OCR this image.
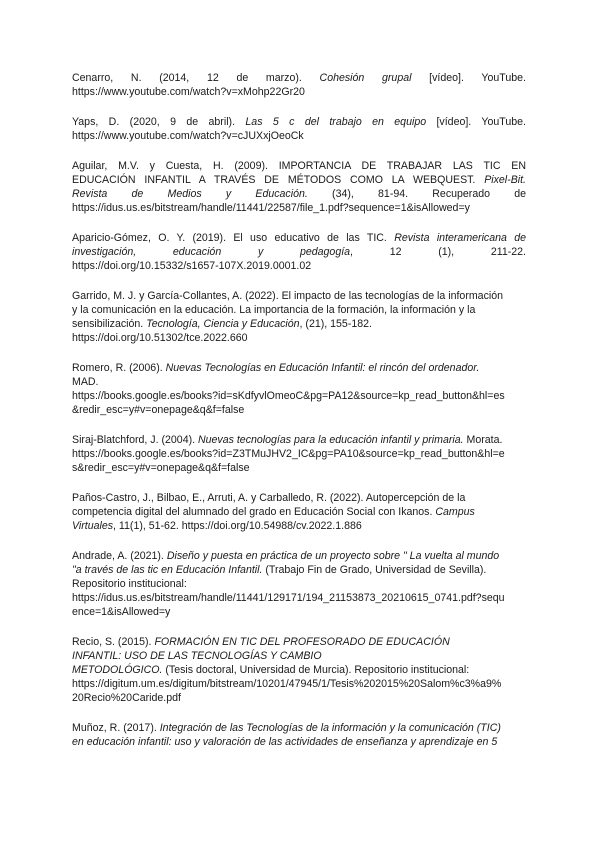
Cenarro, N. (2014, 12 de marzo). Cohesión grupal [vídeo]. YouTube.
https://www.youtube.com/watch?v=xMohp22Gr20

Yaps, D. (2020, 9 de abril). Las 5 c del trabajo en equipo [vídeo]. YouTube.
https://www.youtube.com/watch?v=cJUXxjOeoCk

Aguilar, M.V. y Cuesta, H. (2009). IMPORTANCIA DE TRABAJAR LAS TIC EN
EDUCACIÓN INFANTIL A TRAVÉS DE MÉTODOS COMO LA WEBQUEST. Pixel-Bit.
Revista de Medios y Educación. (34), 81-94. Recuperado de
https://idus.us.es/bitstream/handle/11441/22587/file_1.pdf?sequence=1&isAllowed=y

Aparicio-Gómez, O. Y. (2019). El uso educativo de las TIC. Revista interamericana de
investigación, educación y pedagogía, 12 (1), 211-22.
https://doi.org/10.15332/s1657-107X.2019.0001.02

Garrido, M. J. y García-Collantes, A. (2022). El impacto de las tecnologías de la información
y la comunicación en la educación. La importancia de la formación, la información y la
sensibilización. Tecnología, Ciencia y Educación, (21), 155-182.
https://doi.org/10.51302/tce.2022.660

Romero, R. (2006). Nuevas Tecnologías en Educación Infantil: el rincón del ordenador.
MAD.
https://books.google.es/books?id=sKdfyvlOmeoC&pg=PA12&source=kp_read_button&hl=es
&redir_esc=y#v=onepage&q&f=false

Siraj-Blatchford, J. (2004). Nuevas tecnologías para la educación infantil y primaria. Morata.
https://books.google.es/books?id=Z3TMuJHV2_IC&pg=PA10&source=kp_read_button&hl=e
s&redir_esc=y#v=onepage&q&f=false

Paños-Castro, J., Bilbao, E., Arruti, A. y Carballedo, R. (2022). Autopercepción de la
competencia digital del alumnado del grado en Educación Social con Ikanos. Campus
Virtuales, 11(1), 51-62. https://doi.org/10.54988/cv.2022.1.886

Andrade, A. (2021). Diseño y puesta en práctica de un proyecto sobre " La vuelta al mundo
"a través de las tic en Educación Infantil. (Trabajo Fin de Grado, Universidad de Sevilla).
Repositorio institucional:
https://idus.us.es/bitstream/handle/11441/129171/194_21153873_20210615_0741.pdf?sequ
ence=1&isAllowed=y

Recio, S. (2015). FORMACIÓN EN TIC DEL PROFESORADO DE EDUCACIÓN
INFANTIL: USO DE LAS TECNOLOGÍAS Y CAMBIO
METODOLÓGICO. (Tesis doctoral, Universidad de Murcia). Repositorio institucional:
https://digitum.um.es/digitum/bitstream/10201/47945/1/Tesis%202015%20Salom%c3%a9%
20Recio%20Caride.pdf

Muñoz, R. (2017). Integración de las Tecnologías de la información y la comunicación (TIC)
en educación infantil: uso y valoración de las actividades de enseñanza y aprendizaje en 5
